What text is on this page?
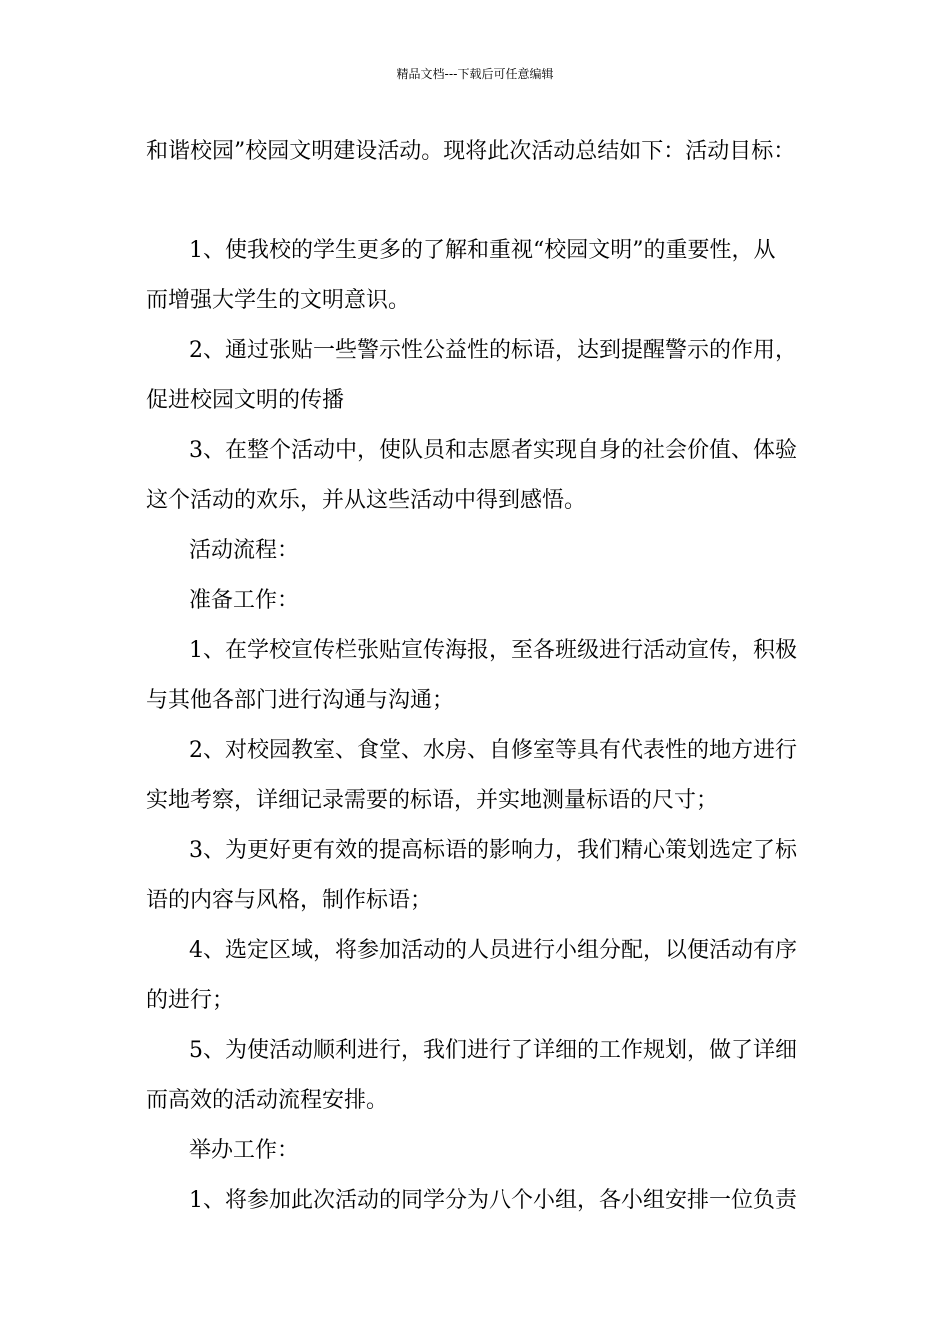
精品文档---下载后可任意编辑
和谐校园”校园文明建设活动。现将此次活动总结如下：活动目标：
1、使我校的学生更多的了解和重视“校园文明”的重要性，从
而增强大学生的文明意识。
2、通过张贴一些警示性公益性的标语，达到提醒警示的作用，
促进校园文明的传播
3、在整个活动中，使队员和志愿者实现自身的社会价值、体验
这个活动的欢乐，并从这些活动中得到感悟。
活动流程：
准备工作：
1、在学校宣传栏张贴宣传海报，至各班级进行活动宣传，积极
与其他各部门进行沟通与沟通；
2、对校园教室、食堂、水房、自修室等具有代表性的地方进行
实地考察，详细记录需要的标语，并实地测量标语的尺寸；
3、为更好更有效的提高标语的影响力，我们精心策划选定了标
语的内容与风格，制作标语；
4、选定区域，将参加活动的人员进行小组分配，以便活动有序
的进行；
5、为使活动顺利进行，我们进行了详细的工作规划，做了详细
而高效的活动流程安排。
举办工作：
1、将参加此次活动的同学分为八个小组，各小组安排一位负责
